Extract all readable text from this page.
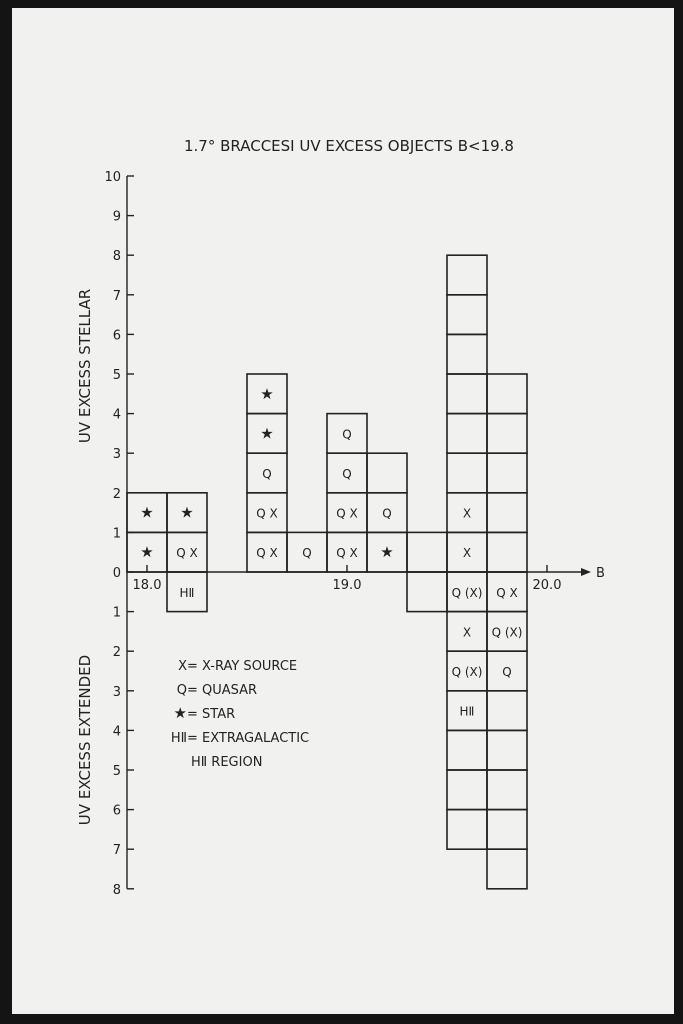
1.7° BRACCESI UV EXCESS OBJECTS B<19.8
UV EXCESS STELLAR
UV EXCESS EXTENDED
0
1
2
3
4
5
6
7
8
9
10
1
2
3
4
5
6
7
8
B
18.0	19.0	20.0
★
★
Q X
★
HⅡ
Q X
Q X
Q
★
★
Q Q X
Q X
Q
Q
★
Q
X
X
Q (X)
X
Q (X)
HⅡ
Q X
Q (X)
Q
X = X-RAY SOURCE
Q = QUASAR
★ = STAR
HⅡ = EXTRAGALACTIC
HⅡ REGION
